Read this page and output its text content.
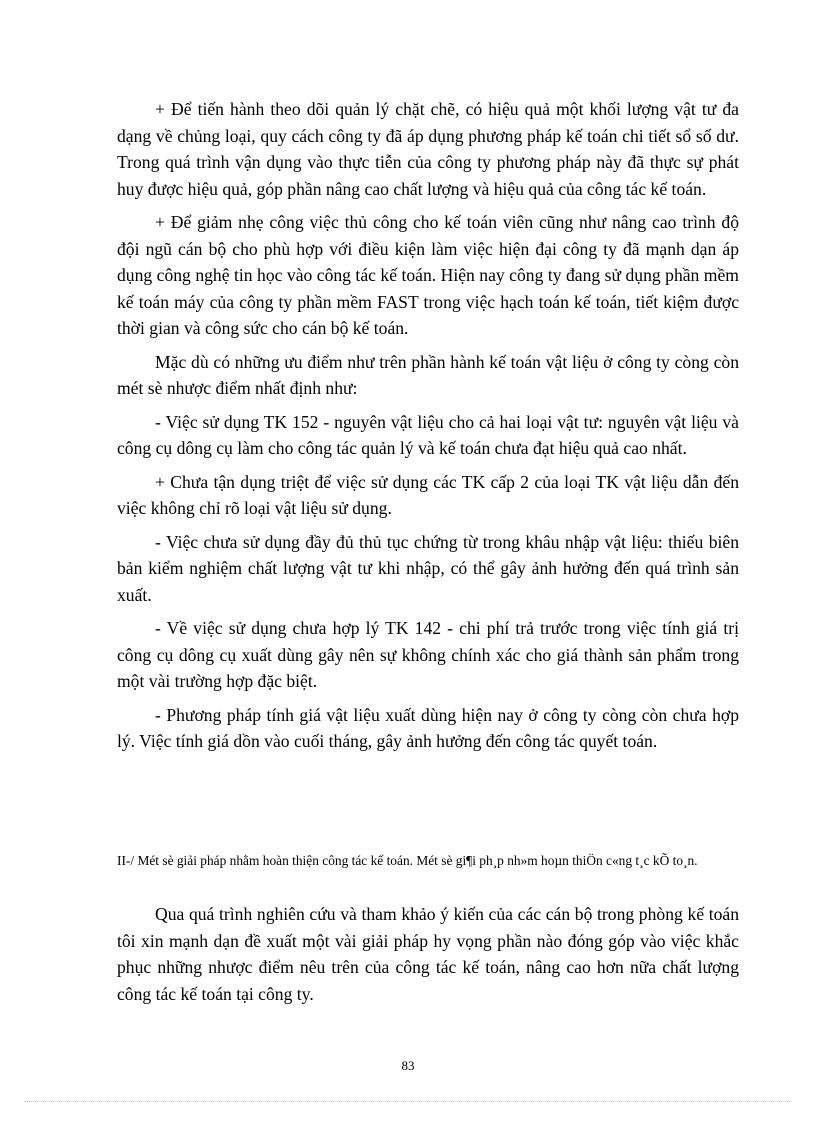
+ Để tiến hành theo dõi quản lý chặt chẽ, có hiệu quả một khối lượng vật tư đa dạng về chủng loại, quy cách công ty đã áp dụng phương pháp kế toán chi tiết sổ số dư. Trong quá trình vận dụng vào thực tiễn của công ty phương pháp này đã thực sự phát huy được hiệu quả, góp phần nâng cao chất lượng và hiệu quả của công tác kế toán.

+ Để giảm nhẹ công việc thủ công cho kế toán viên cũng như nâng cao trình độ đội ngũ cán bộ cho phù hợp với điều kiện làm việc hiện đại công ty đã mạnh dạn áp dụng công nghệ tin học vào công tác kế toán. Hiện nay công ty đang sử dụng phần mềm kế toán máy của công ty phần mềm FAST trong việc hạch toán kế toán, tiết kiệm được thời gian và công sức cho cán bộ kế toán.

Mặc dù có những ưu điểm như trên phần hành kế toán vật liệu ở công ty còng còn mét sè nhược điểm nhất định như:

- Việc sử dụng TK 152 - nguyên vật liệu cho cả hai loại vật tư: nguyên vật liệu và công cụ dông cụ làm cho công tác quản lý và kế toán chưa đạt hiệu quả cao nhất.

+ Chưa tận dụng triệt để việc sử dụng các TK cấp 2 của loại TK vật liệu dẫn đến việc không chỉ rõ loại vật liệu sử dụng.

- Việc chưa sử dụng đầy đủ thủ tục chứng từ trong khâu nhập vật liệu: thiếu biên bản kiểm nghiệm chất lượng vật tư khi nhập, có thể gây ảnh hưởng đến quá trình sản xuất.

- Về việc sử dụng chưa hợp lý TK 142 - chi phí trả trước trong việc tính giá trị công cụ dông cụ xuất dùng gây nên sự không chính xác cho giá thành sản phẩm trong một vài trường hợp đặc biệt.

- Phương pháp tính giá vật liệu xuất dùng hiện nay ở công ty còng còn chưa hợp lý. Việc tính giá dồn vào cuối tháng, gây ảnh hưởng đến công tác quyết toán.

II-/ Mét sè giải pháp nhằm hoàn thiện công tác kế toán. Mét sè gi¶i ph¸p nh»m hoµn thiÖn c«ng t¸c kÕ to¸n.

Qua quá trình nghiên cứu và tham khảo ý kiến của các cán bộ trong phòng kế toán tôi xin mạnh dạn đề xuất một vài giải pháp hy vọng phần nào đóng góp vào việc khắc phục những nhược điểm nêu trên của công tác kế toán, nâng cao hơn nữa chất lượng công tác kế toán tại công ty.

83
